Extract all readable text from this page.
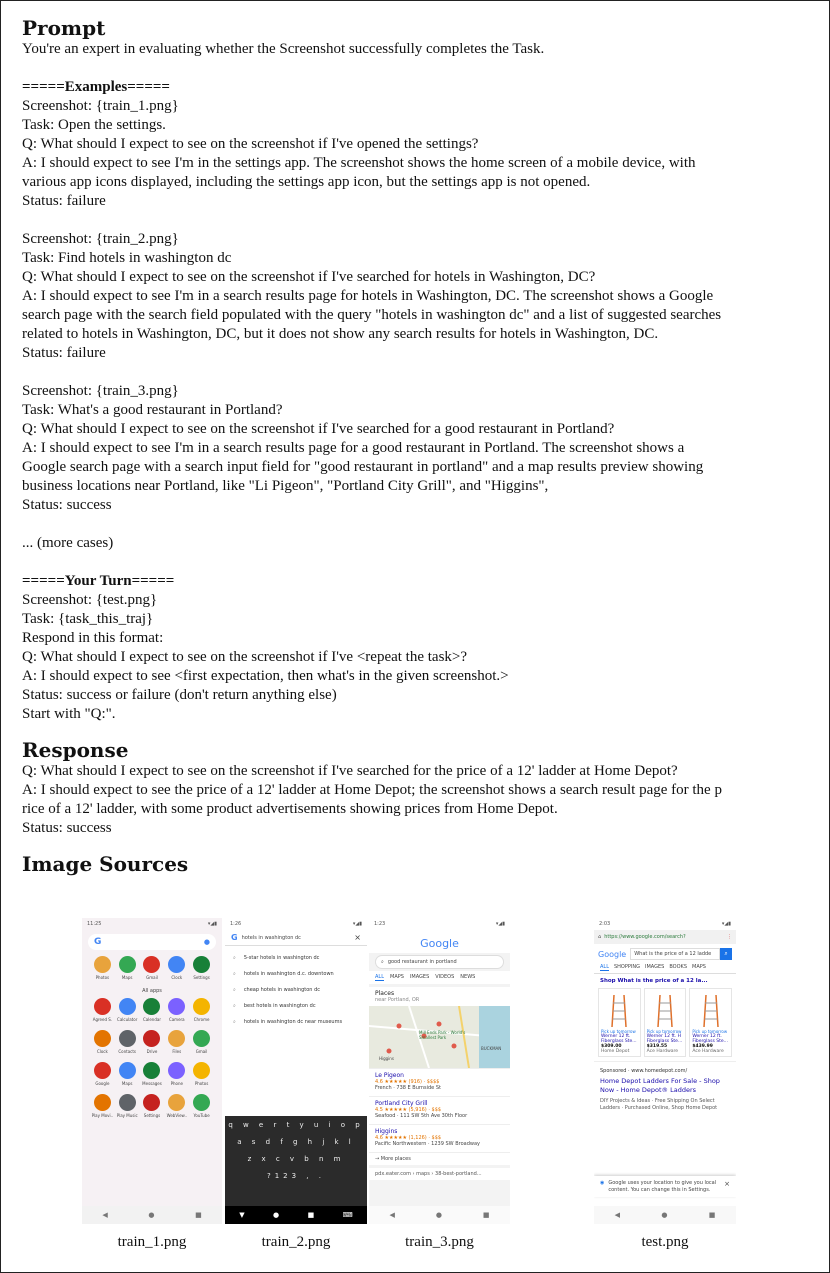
Prompt
You're an expert in evaluating whether the Screenshot successfully completes the Task.
=====Examples=====
Screenshot: {train_1.png}
Task: Open the settings.
Q: What should I expect to see on the screenshot if I've opened the settings?
A: I should expect to see I'm in the settings app. The screenshot shows the home screen of a mobile device, with
various app icons displayed, including the settings app icon, but the settings app is not opened.
Status: failure
Screenshot: {train_2.png}
Task: Find hotels in washington dc
Q: What should I expect to see on the screenshot if I've searched for hotels in Washington, DC?
A: I should expect to see I'm in a search results page for hotels in Washington, DC. The screenshot shows a Google
search page with the search field populated with the query "hotels in washington dc" and a list of suggested searches
related to hotels in Washington, DC, but it does not show any search results for hotels in Washington, DC.
Status: failure
Screenshot: {train_3.png}
Task: What's a good restaurant in Portland?
Q: What should I expect to see on the screenshot if I've searched for a good restaurant in Portland?
A: I should expect to see I'm in a search results page for a good restaurant in Portland. The screenshot shows a
Google search page with a search input field for "good restaurant in portland" and a map results preview showing
business locations near Portland, like "Li Pigeon", "Portland City Grill", and "Higgins",
Status: success
... (more cases)
=====Your Turn=====
Screenshot: {test.png}
Task: {task_this_traj}
Respond in this format:
Q: What should I expect to see on the screenshot if I've <repeat the task>?
A: I should expect to see <first expectation, then what's in the given screenshot.>
Status: success or failure (don't return anything else)
Start with "Q:".
Response
Q: What should I expect to see on the screenshot if I've searched for the price of a 12' ladder at Home Depot?
A: I should expect to see the price of a 12' ladder at Home Depot; the screenshot shows a search result page for the p
rice of a 12' ladder, with some product advertisements showing prices from Home Depot.
Status: success
Image Sources
11:25	▾◢▮
G	●
Photos	Maps	Gmail	Clock	Settings
All apps
Agreed S. Calculator Calendar Camera Chrome
Clock	Contacts	Drive	Files	Gmail
Google	Maps Messages Phone	Photos
Play Movi.. Play Music Settings WebView.. YouTube
◀	●	■
1:26	▾◢▮
G hotels in washington dc	×
⌕ 5-star hotels in washington dc
⌕ hotels in washington d.c. downtown
⌕ cheap hotels in washington dc
⌕ best hotels in washington dc
⌕ hotels in washington dc near museums
q w e r t y u i o p
a s d f g h j k l
z x c v b n m
?123 , .
▼	●	■	⌨
1:23	▾◢▮
Google
⌕ good restaurant in portland
ALL MAPS IMAGES VIDEOS NEWS
Places
near Portland, OR
Mill Ends Park - World's Smallest Park
BUCKMAN
Higgins
Le Pigeon
4.6 ★★★★★ (916) · $$$$
French · 738 E Burnside St
Portland City Grill
4.5 ★★★★★ (5,916) · $$$
Seafood · 111 SW 5th Ave 30th Floor
Higgins
4.6 ★★★★★ (1,126) · $$$
Pacific Northwestern · 1239 SW Broadway
→ More places
pdx.eater.com › maps › 38-best-portland...
◀	●	■
2:03	▾◢▮
⌂ https://www.google.com/search?	⋮
Google	What is the price of a 12 ladde	⌕
ALL SHOPPING IMAGES BOOKS MAPS
Shop What is the price of a 12 la...
Pick up tomorrow
Werner 12 ft. Fiberglass Ste...
$309.00
Home Depot
Pick up tomorrow
Werner 12 ft. H Fiberglass Ste...
$319.55
Ace Hardware
Pick up tomorrow
Werner 12 ft. Fiberglass Ste...
$439.99
Ace Hardware
Sponsored · www.homedepot.com/
Home Depot Ladders For Sale - Shop Now - Home Depot® Ladders
DIY Projects & Ideas · Free Shipping On Select Ladders · Purchased Online, Shop Home Depot
◉ Google uses your location to give you local content. You can change this in Settings.
×
◀	●	■
train_1.png	train_2.png	train_3.png	test.png
